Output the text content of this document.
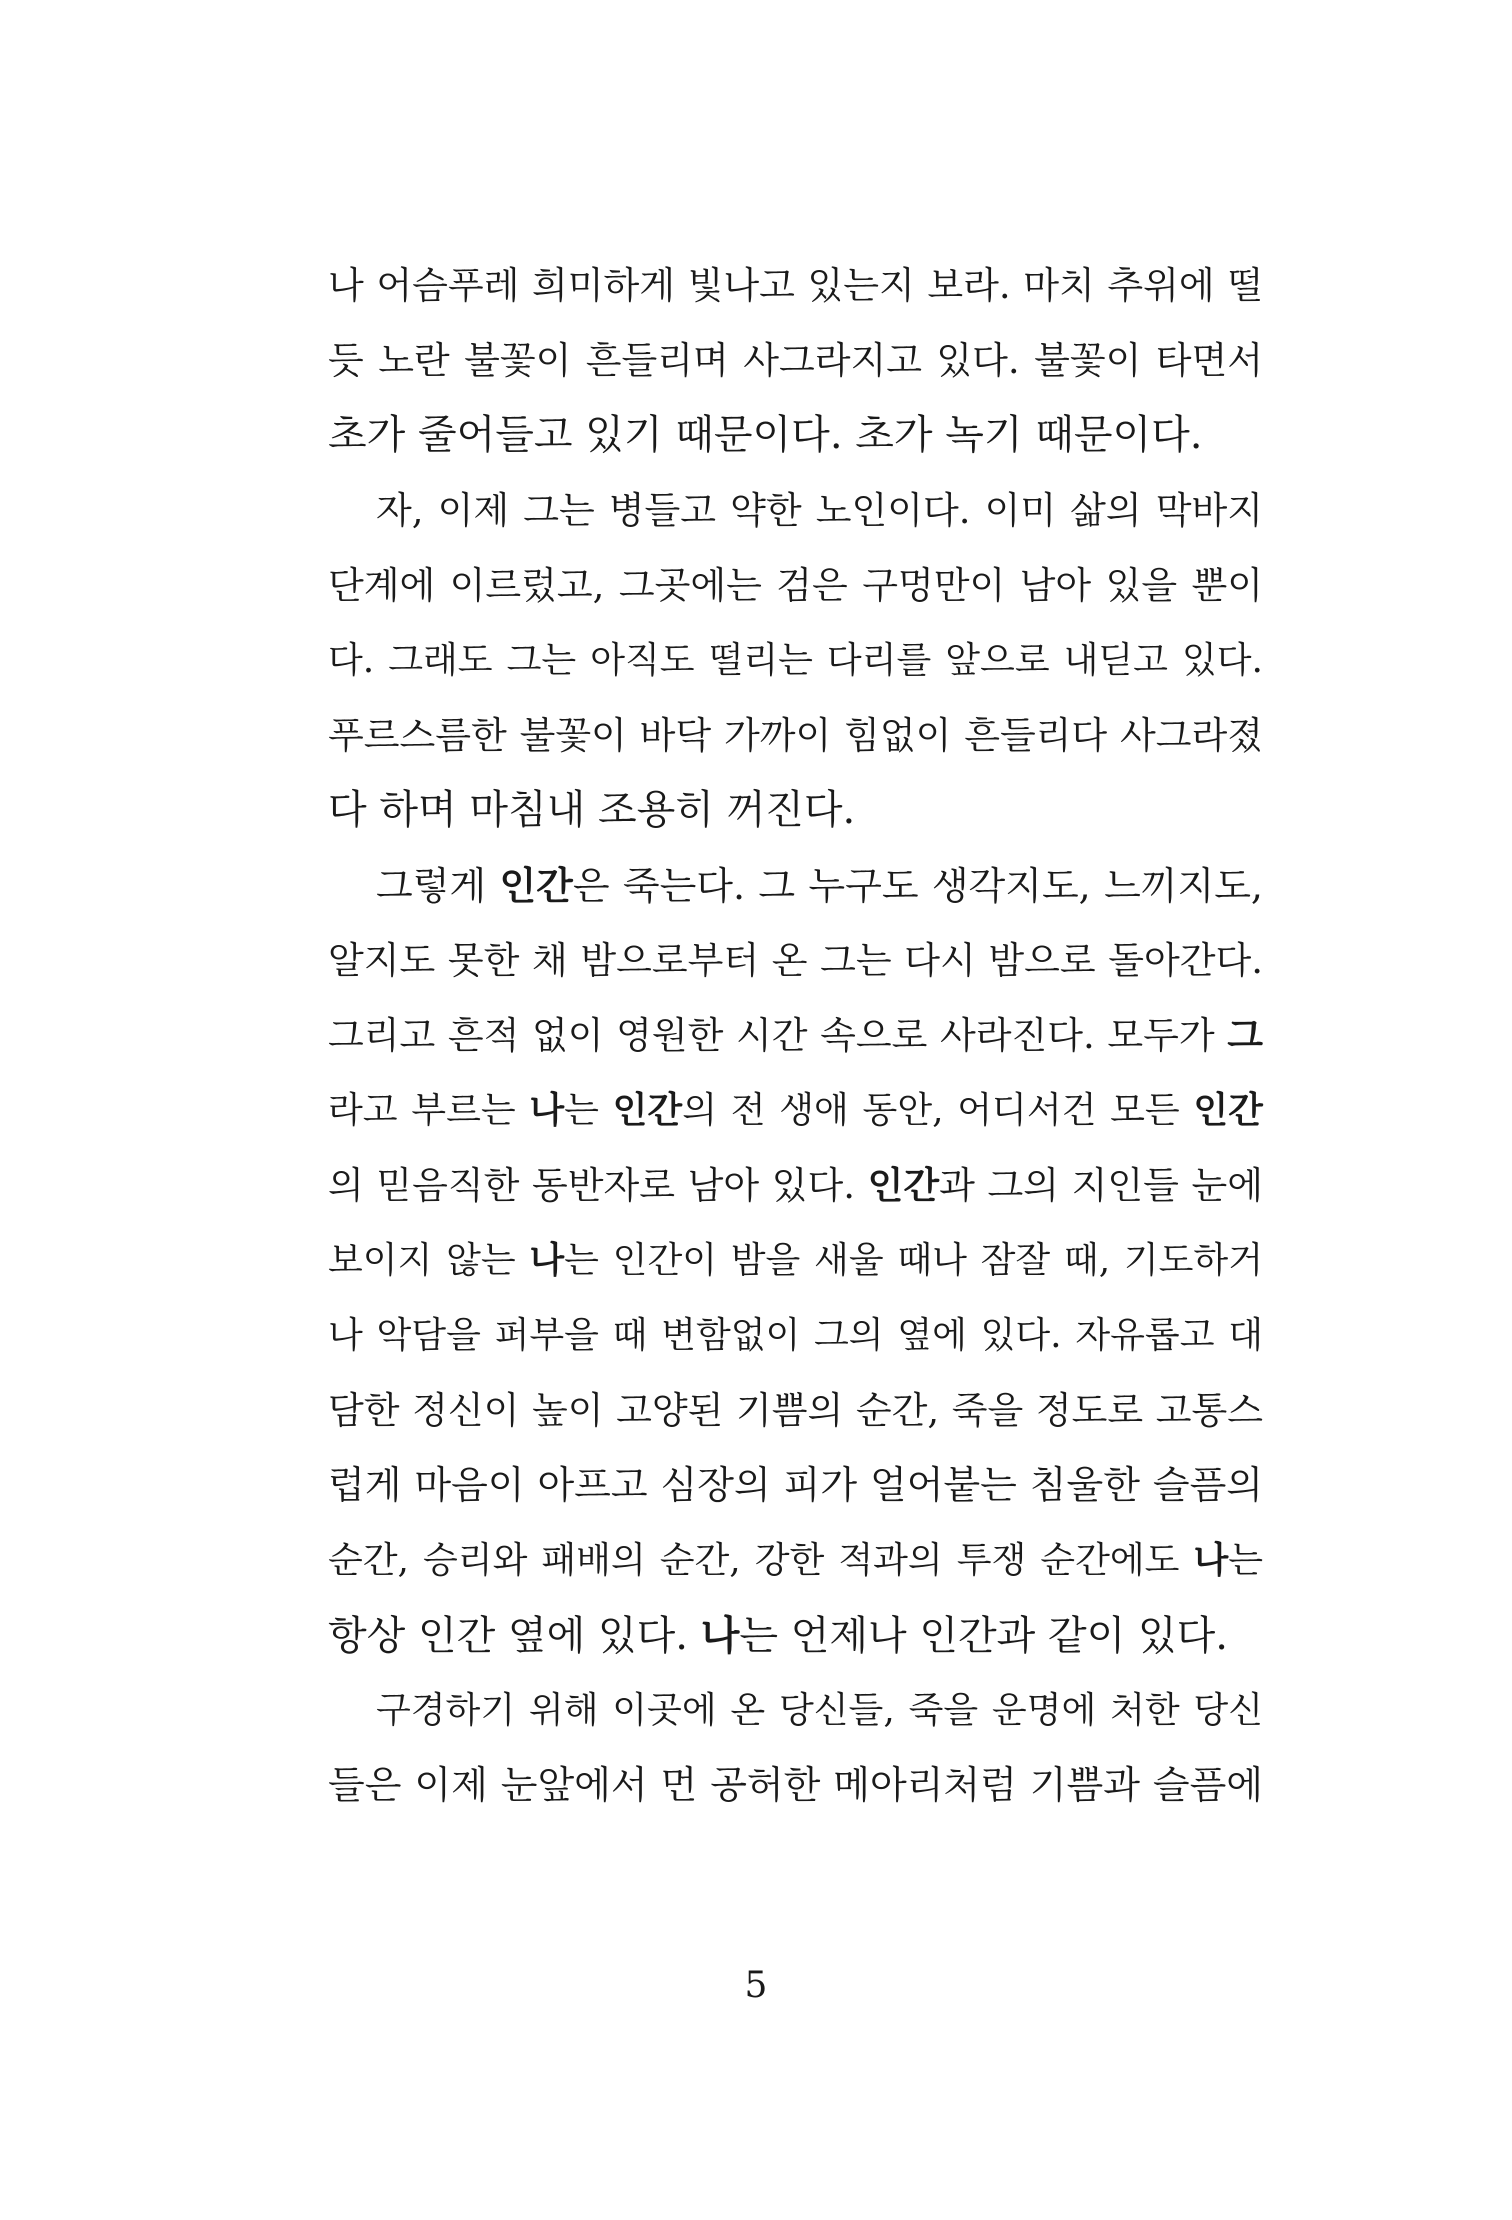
나 어슴푸레 희미하게 빛나고 있는지 보라. 마치 추위에 떨
듯 노란 불꽃이 흔들리며 사그라지고 있다. 불꽃이 타면서
초가 줄어들고 있기 때문이다. 초가 녹기 때문이다.
자, 이제 그는 병들고 약한 노인이다. 이미 삶의 막바지
단계에 이르렀고, 그곳에는 검은 구멍만이 남아 있을 뿐이
다. 그래도 그는 아직도 떨리는 다리를 앞으로 내딛고 있다.
푸르스름한 불꽃이 바닥 가까이 힘없이 흔들리다 사그라졌
다 하며 마침내 조용히 꺼진다.
그렇게 인간은 죽는다. 그 누구도 생각지도, 느끼지도,
알지도 못한 채 밤으로부터 온 그는 다시 밤으로 돌아간다.
그리고 흔적 없이 영원한 시간 속으로 사라진다. 모두가 그
라고 부르는 나는 인간의 전 생애 동안, 어디서건 모든 인간
의 믿음직한 동반자로 남아 있다. 인간과 그의 지인들 눈에
보이지 않는 나는 인간이 밤을 새울 때나 잠잘 때, 기도하거
나 악담을 퍼부을 때 변함없이 그의 옆에 있다. 자유롭고 대
담한 정신이 높이 고양된 기쁨의 순간, 죽을 정도로 고통스
럽게 마음이 아프고 심장의 피가 얼어붙는 침울한 슬픔의
순간, 승리와 패배의 순간, 강한 적과의 투쟁 순간에도 나는
항상 인간 옆에 있다. 나는 언제나 인간과 같이 있다.
구경하기 위해 이곳에 온 당신들, 죽을 운명에 처한 당신
들은 이제 눈앞에서 먼 공허한 메아리처럼 기쁨과 슬픔에
5
